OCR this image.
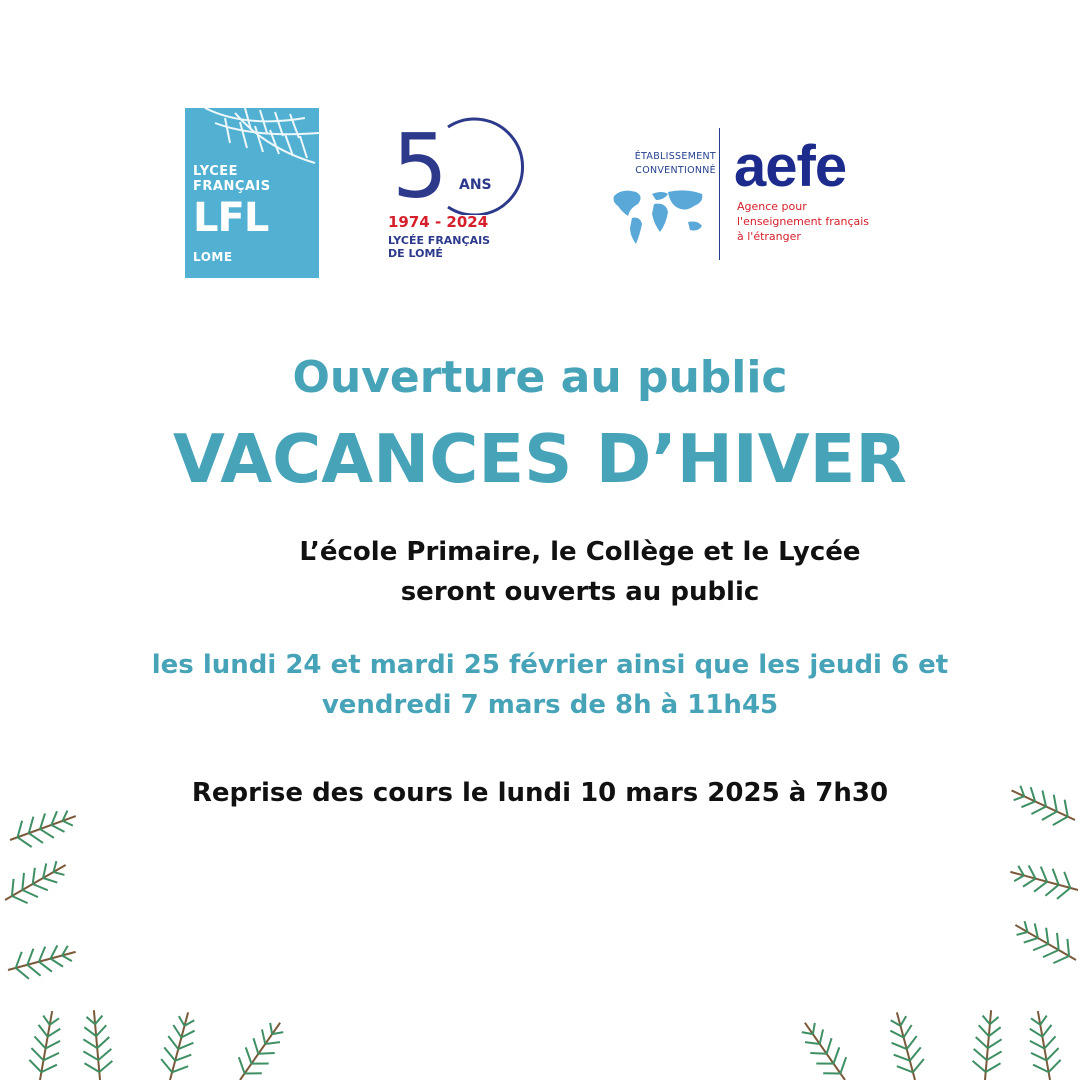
LYCEE
FRANÇAIS
LFL
LOME
5 ANS
1974 - 2024
LYCÉE FRANÇAIS
DE LOMÉ
ÉTABLISSEMENT
CONVENTIONNÉ aefe
Agence pour
l'enseignement français
à l'étranger
Ouverture au public
VACANCES D’HIVER
L’école Primaire, le Collège et le Lycée
seront ouverts au public
les lundi 24 et mardi 25 février ainsi que les jeudi 6 et
vendredi 7 mars de 8h à 11h45
Reprise des cours le lundi 10 mars 2025 à 7h30
